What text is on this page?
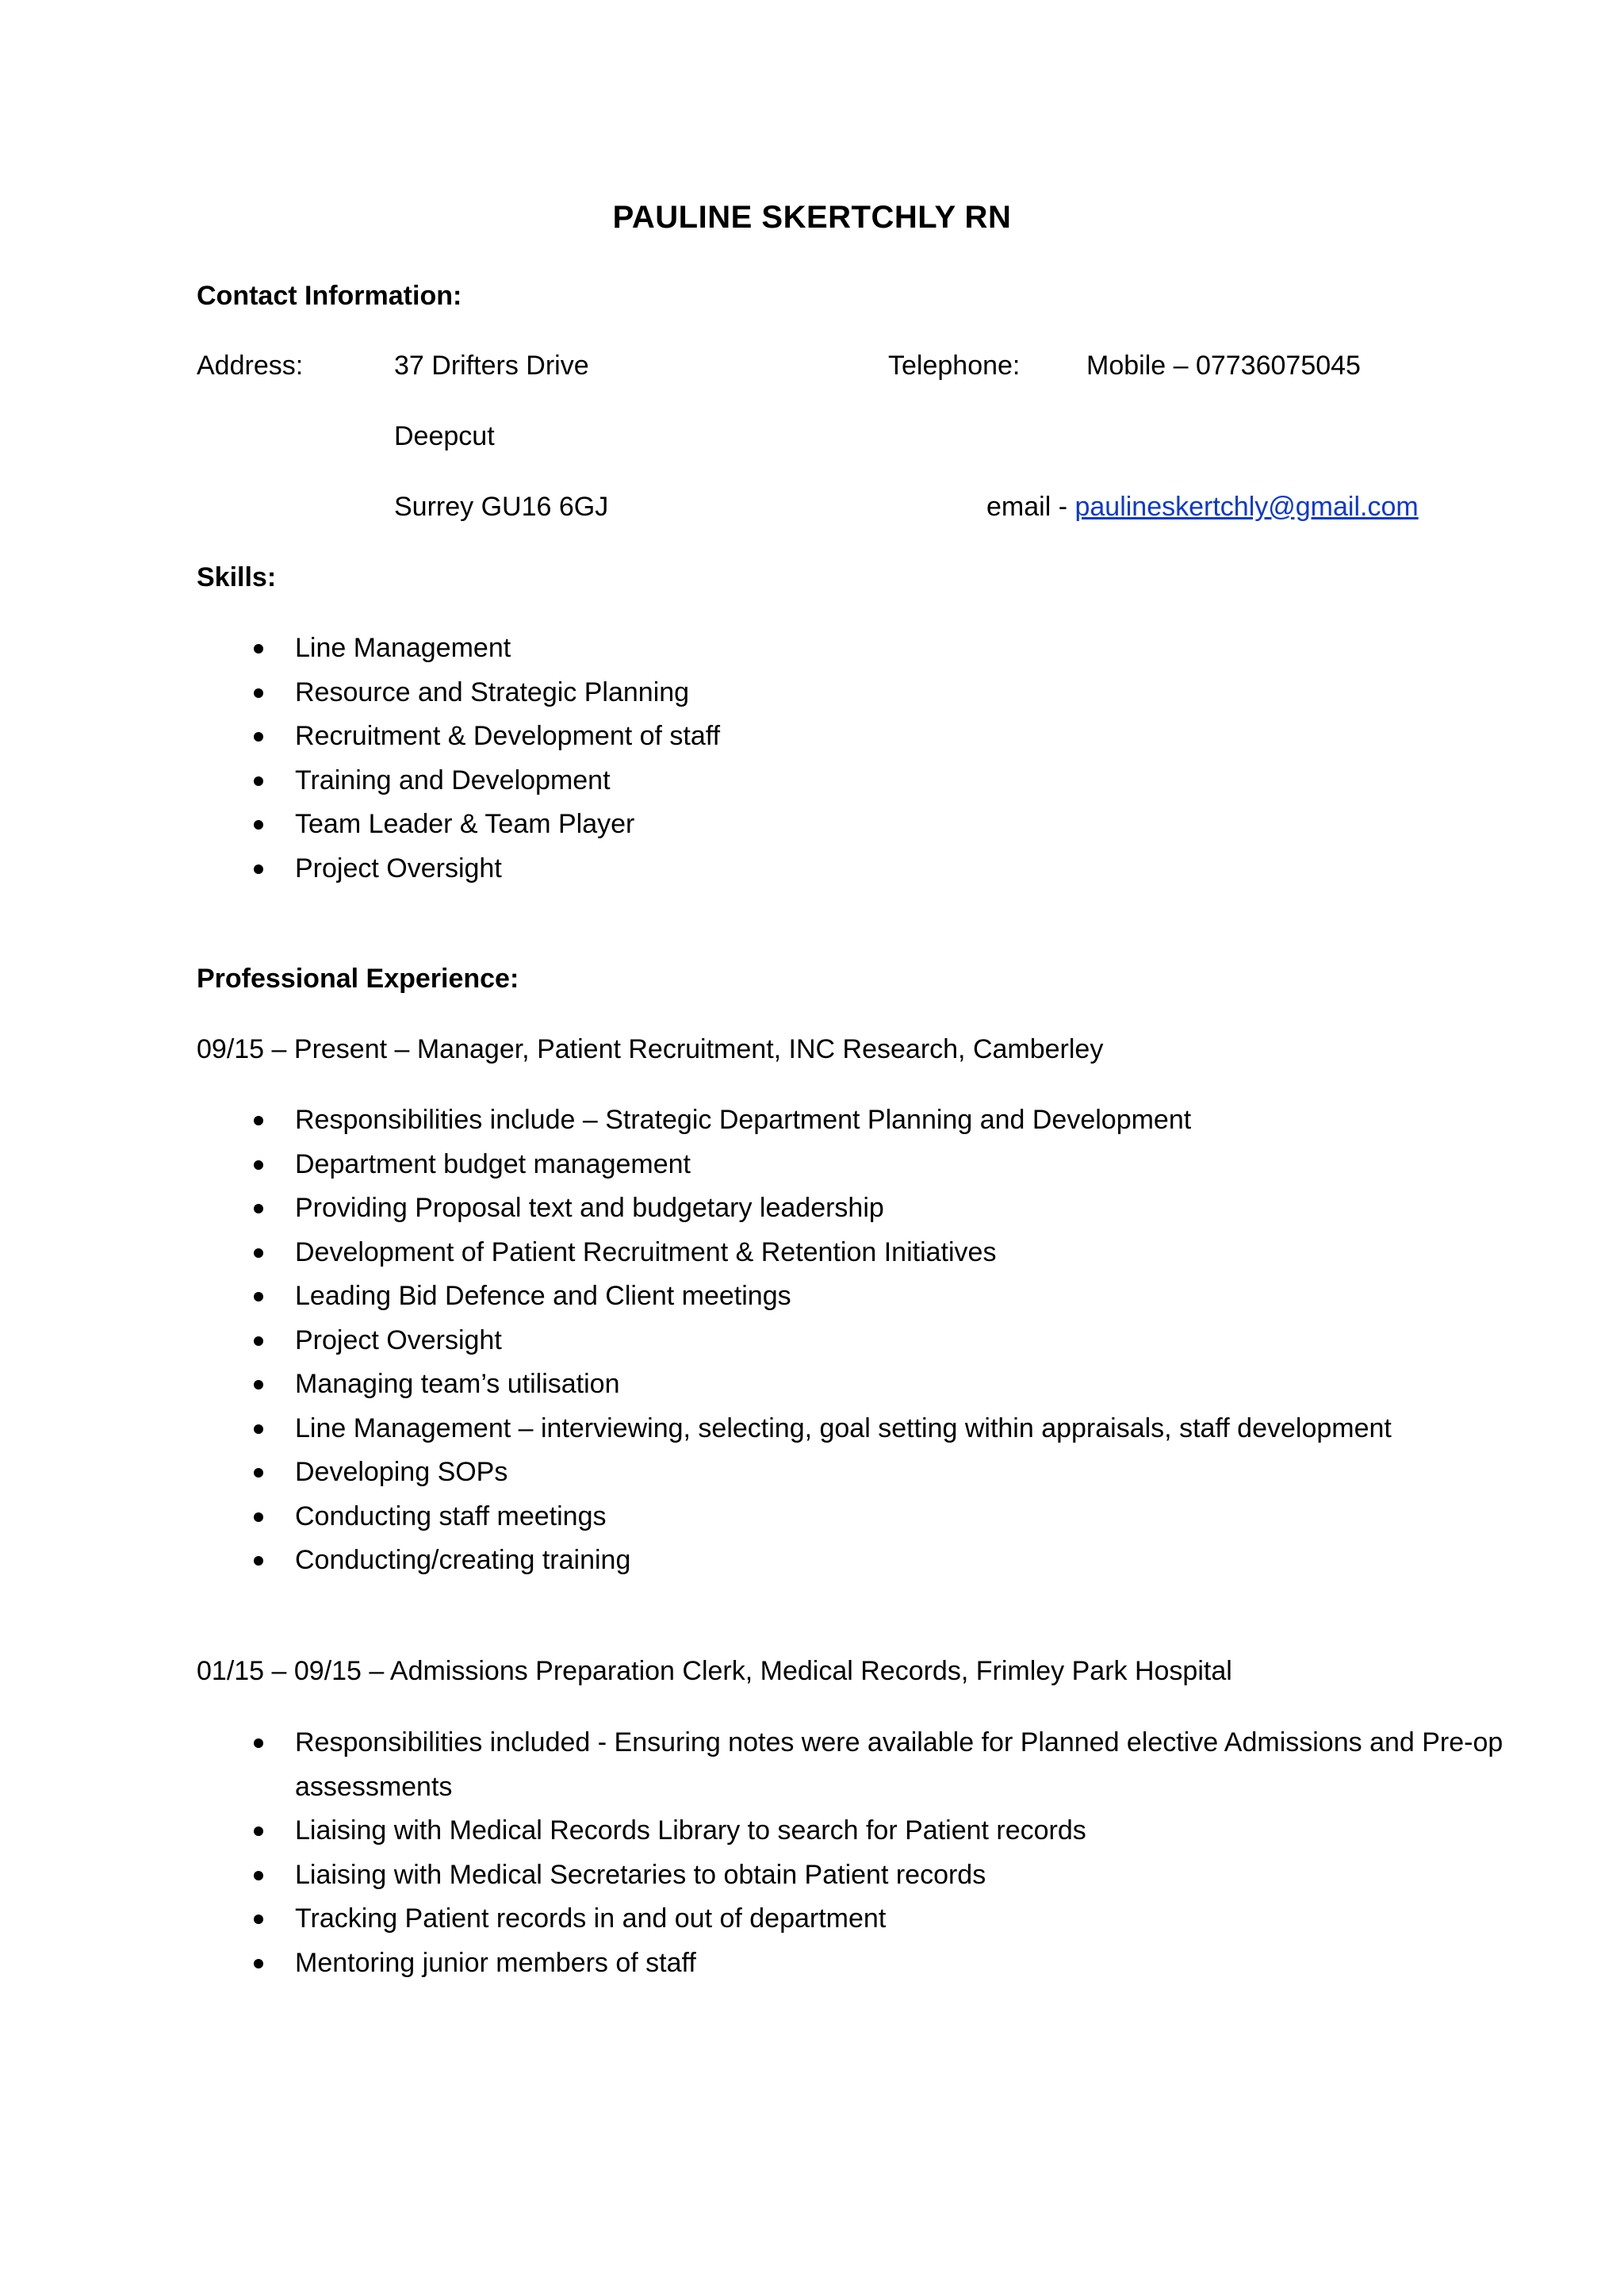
PAULINE SKERTCHLY RN
Contact Information:
Address:	37 Drifters Drive
Deepcut
Surrey GU16 6GJ
Telephone: Mobile – 07736075045
email - paulineskertchly@gmail.com
Skills:
Line Management
Resource and Strategic Planning
Recruitment & Development of staff
Training and Development
Team Leader & Team Player
Project Oversight
Professional Experience:
09/15 – Present – Manager, Patient Recruitment, INC Research, Camberley
Responsibilities include – Strategic Department Planning and Development
Department budget management
Providing Proposal text and budgetary leadership
Development of Patient Recruitment & Retention Initiatives
Leading Bid Defence and Client meetings
Project Oversight
Managing team’s utilisation
Line Management – interviewing, selecting, goal setting within appraisals, staff development
Developing SOPs
Conducting staff meetings
Conducting/creating training
01/15 – 09/15 – Admissions Preparation Clerk, Medical Records, Frimley Park Hospital
Responsibilities included - Ensuring notes were available for Planned elective Admissions and Pre-op assessments
Liaising with Medical Records Library to search for Patient records
Liaising with Medical Secretaries to obtain Patient records
Tracking Patient records in and out of department
Mentoring junior members of staff
